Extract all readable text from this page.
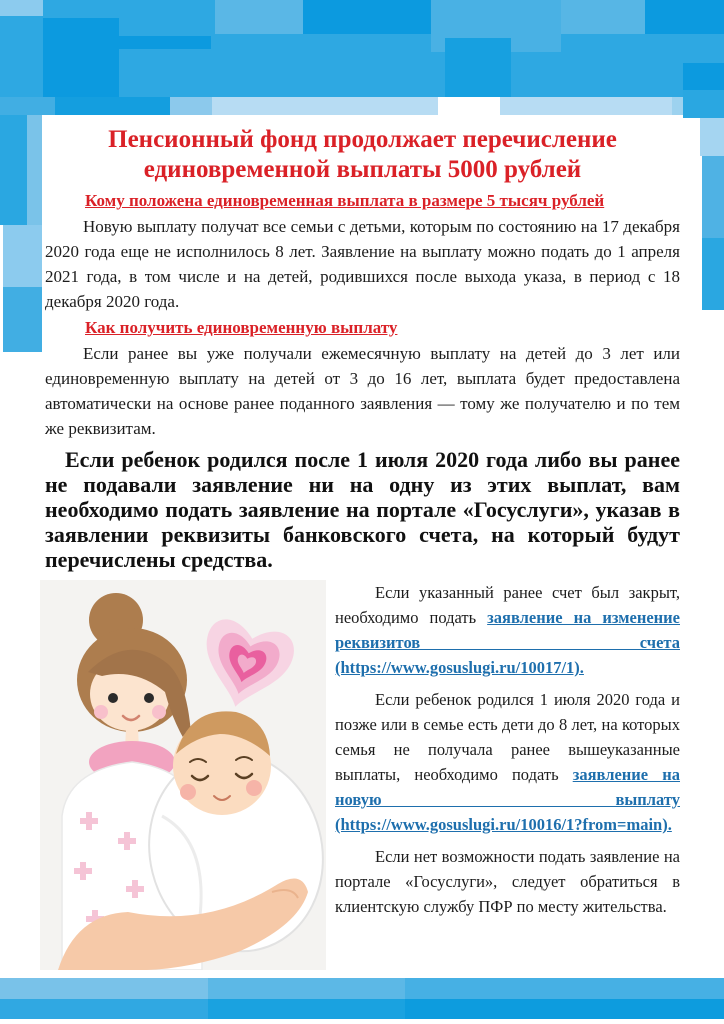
Пенсионный фонд продолжает перечисление единовременной выплаты 5000 рублей
Кому положена единовременная выплата в размере 5 тысяч рублей

Новую выплату получат все семьи с детьми, которым по состоянию на 17 декабря 2020 года еще не исполнилось 8 лет. Заявление на выплату можно подать до 1 апреля 2021 года, в том числе и на детей, родившихся после выхода указа, в период с 18 декабря 2020 года.

Как получить единовременную выплату

Если ранее вы уже получали ежемесячную выплату на детей до 3 лет или единовременную выплату на детей от 3 до 16 лет, выплата будет предоставлена автоматически на основе ранее поданного заявления — тому же получателю и по тем же реквизитам.

Если ребенок родился после 1 июля 2020 года либо вы ранее не подавали заявление ни на одну из этих выплат, вам необходимо подать заявление на портале «Госуслуги», указав в заявлении реквизиты банковского счета, на который будут перечислены средства.

Если указанный ранее счет был закрыт, необходимо подать заявление на изменение реквизитов счета (https://www.gosuslugi.ru/10017/1).

Если ребенок родился 1 июля 2020 года и позже или в семье есть дети до 8 лет, на которых семья не получала ранее вышеуказанные выплаты, необходимо подать заявление на новую выплату (https://www.gosuslugi.ru/10016/1?from=main).

Если нет возможности подать заявление на портале «Госуслуги», следует обратиться в клиентскую службу ПФР по месту жительства.
